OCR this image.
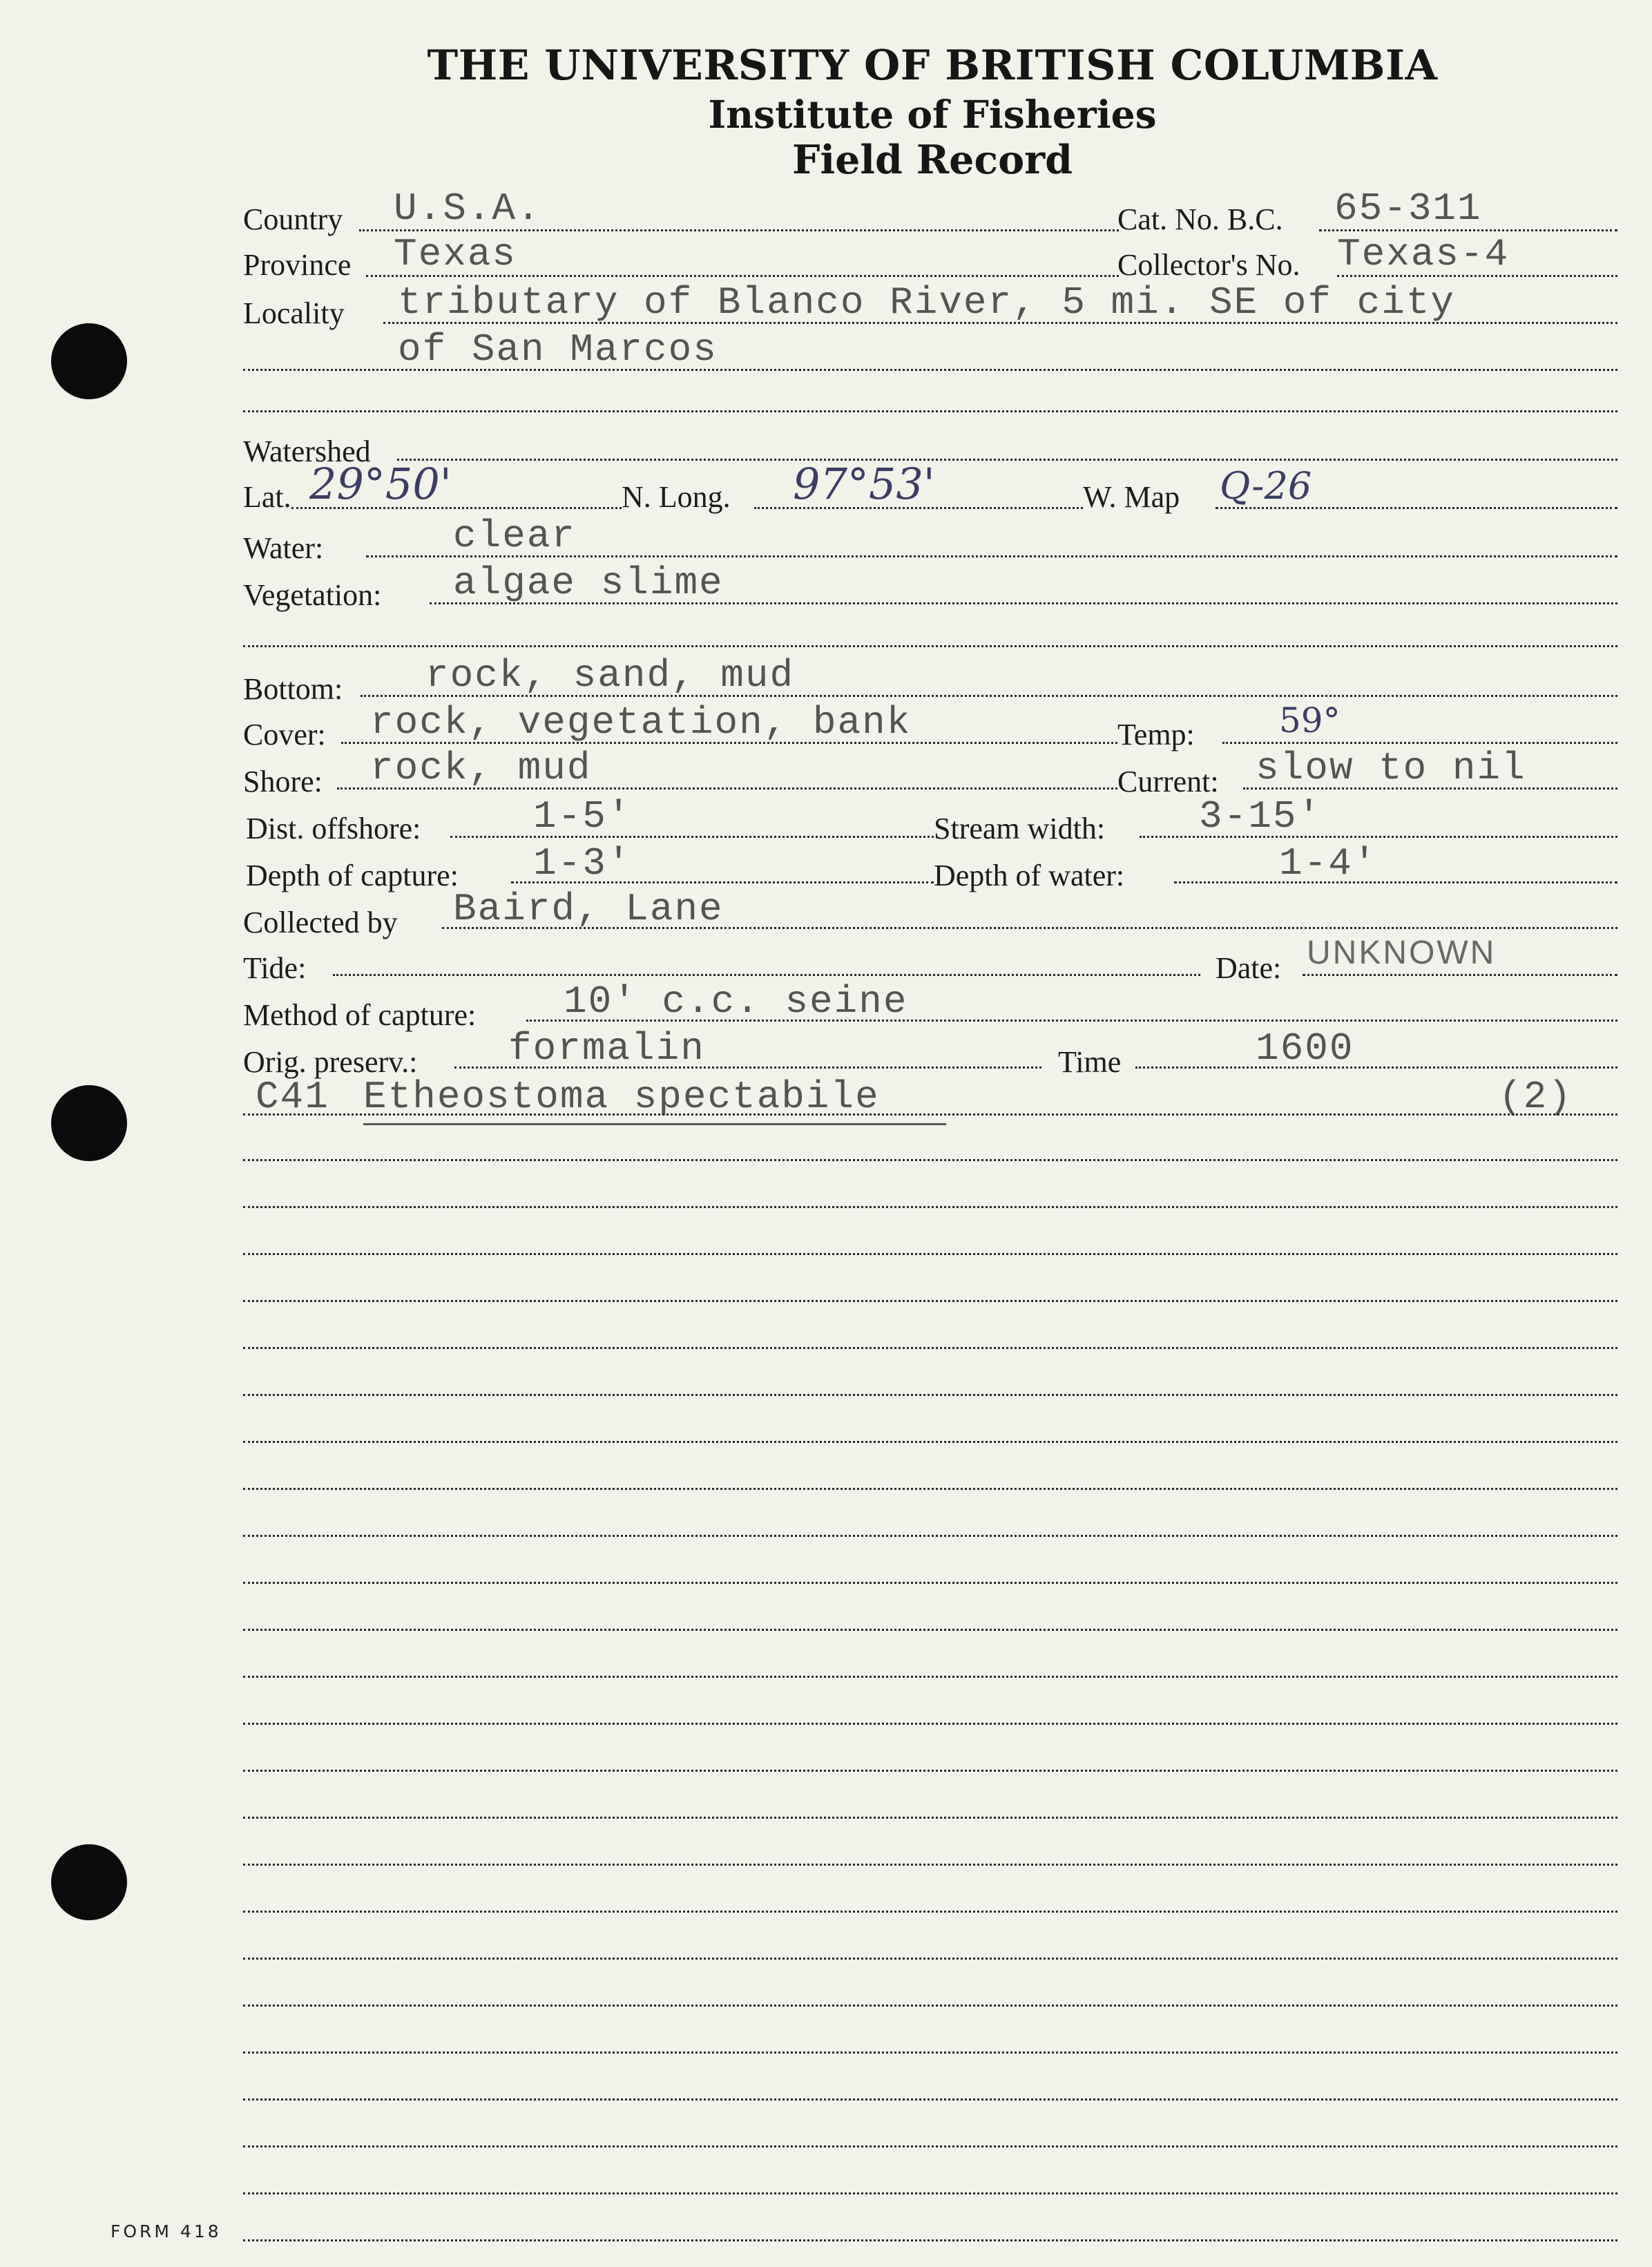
THE UNIVERSITY OF BRITISH COLUMBIA
Institute of Fisheries
Field Record
Country U.S.A.	Cat. No. B.C. 65-311
Province Texas	Collector's No. Texas-4
Locality tributary of Blanco River, 5 mi. SE of city
of San Marcos
Watershed
Lat. 29°50'	N. Long. 97°53'	W. Map Q-26
Water:	clear
Vegetation: algae slime
Bottom: rock, sand, mud
Cover: rock, vegetation, bank	Temp: 59°
Shore: rock, mud	Current: slow to nil
Dist. offshore:	1-5'	Stream width: 3-15'
Depth of capture: 1-3'	Depth of water:	1-4'
Collected by Baird, Lane
Tide:	Date: UNKNOWN
Method of capture: 10' c.c. seine
Orig. preserv.: formalin	Time	1600
C41 Etheostoma spectabile	(2)
FORM 418
